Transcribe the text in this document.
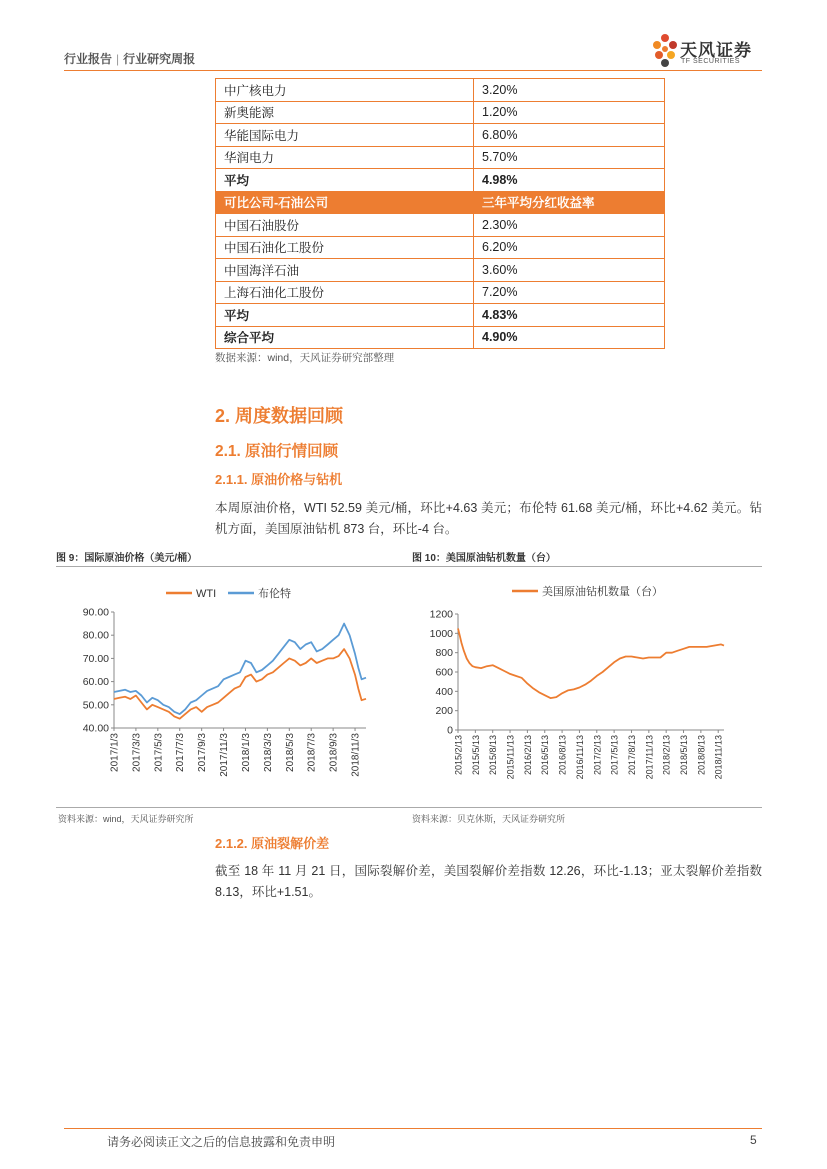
行业报告 | 行业研究周报	天风证券
TF SECURITIES
中广核电力	3.20%
新奥能源	1.20%
华能国际电力	6.80%
华润电力	5.70%
平均	4.98%
可比公司-石油公司	三年平均分红收益率
中国石油股份	2.30%
中国石油化工股份	6.20%
中国海洋石油	3.60%
上海石油化工股份	7.20%
平均	4.83%
综合平均	4.90%
数据来源：wind，天风证券研究部整理
2. 周度数据回顾
2.1. 原油行情回顾
2.1.1. 原油价格与钻机
本周原油价格，WTI 52.59 美元/桶，环比+4.63 美元；布伦特 61.68 美元/桶，环比+4.62 美元。钻机方面，美国原油钻机 873 台，环比-4 台。
图 9：国际原油价格（美元/桶）
90.00
80.00
70.00
60.00
50.00
40.00
2017/1/3 2017/3/3 2017/5/3 2017/7/3 2017/9/3 2017/11/3 2018/1/3 2018/3/3 2018/5/3 2018/7/3 2018/9/3 2018/11/3
WTI	布伦特
资料来源：wind，天风证券研究所
图 10：美国原油钻机数量（台）
1200
1000
800
600
400
200
0
2015/2/13 2015/5/13 2015/8/13 2015/11/13 2016/2/13 2016/5/13 2016/8/13 2016/11/13 2017/2/13 2017/5/13 2017/8/13 2017/11/13 2018/2/13 2018/5/13 2018/8/13 2018/11/13
美国原油钻机数量（台）
资料来源：贝克休斯，天风证券研究所
2.1.2. 原油裂解价差
截至 18 年 11 月 21 日，国际裂解价差，美国裂解价差指数 12.26，环比-1.13；亚太裂解价差指数 8.13，环比+1.51。
请务必阅读正文之后的信息披露和免责申明	5
